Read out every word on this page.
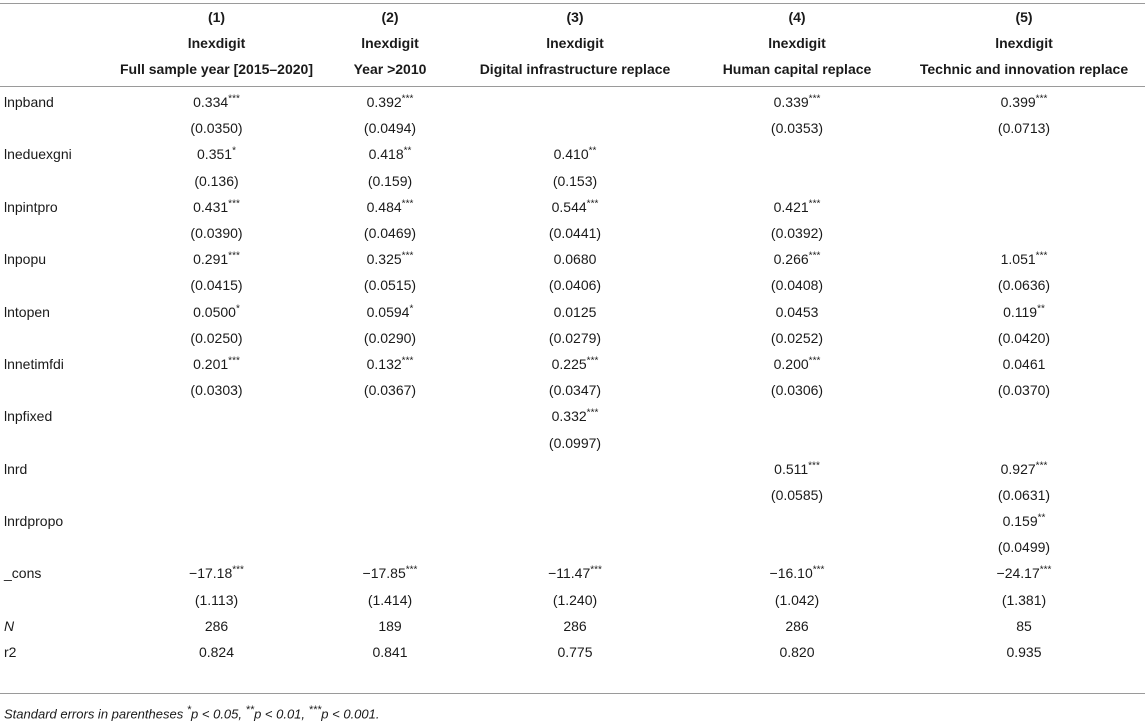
	(1)	(2)	(3)	(4)	(5)
	lnexdigit	lnexdigit	lnexdigit	lnexdigit	lnexdigit
	Full sample year [2015–2020]	Year >2010	Digital infrastructure replace	Human capital replace	Technic and innovation replace

lnpband	0.334***	0.392***		0.339***	0.399***
	(0.0350)	(0.0494)		(0.0353)	(0.0713)
lneduexgni	0.351*	0.418**	0.410**		
	(0.136)	(0.159)	(0.153)		
lnpintpro	0.431***	0.484***	0.544***	0.421***	
	(0.0390)	(0.0469)	(0.0441)	(0.0392)	
lnpopu	0.291***	0.325***	0.0680	0.266***	1.051***
	(0.0415)	(0.0515)	(0.0406)	(0.0408)	(0.0636)
lntopen	0.0500*	0.0594*	0.0125	0.0453	0.119**
	(0.0250)	(0.0290)	(0.0279)	(0.0252)	(0.0420)
lnnetimfdi	0.201***	0.132***	0.225***	0.200***	0.0461
	(0.0303)	(0.0367)	(0.0347)	(0.0306)	(0.0370)
lnpfixed			0.332***		
			(0.0997)		
lnrd				0.511***	0.927***
				(0.0585)	(0.0631)
lnrdpropo					0.159**
					(0.0499)
_cons	−17.18***	−17.85***	−11.47***	−16.10***	−24.17***
	(1.113)	(1.414)	(1.240)	(1.042)	(1.381)
N	286	189	286	286	85
r2	0.824	0.841	0.775	0.820	0.935
Standard errors in parentheses *p < 0.05, **p < 0.01, ***p < 0.001.
